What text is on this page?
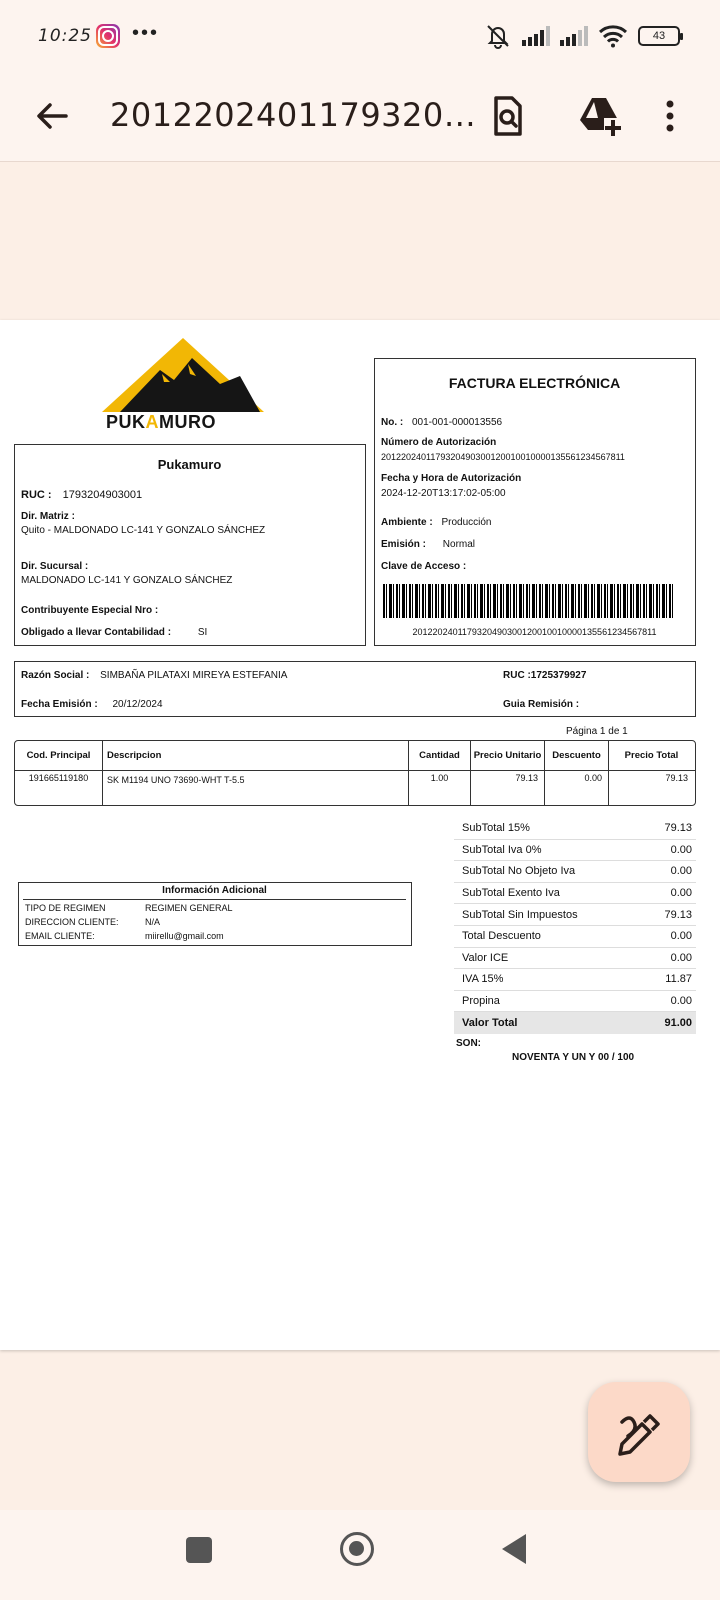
10:25 •••	43
2012202401179320…
PUKAMURO
Pukamuro
RUC : 1793204903001
Dir. Matriz :
Quito - MALDONADO LC-141 Y GONZALO SÁNCHEZ
Dir. Sucursal :
MALDONADO LC-141 Y GONZALO SÁNCHEZ
Contribuyente Especial Nro :
Obligado a llevar Contabilidad :	SI
FACTURA ELECTRÓNICA
No. : 001-001-000013556
Número de Autorización
2012202401179320490300120010010000135561234567811
Fecha y Hora de Autorización
2024-12-20T13:17:02-05:00
Ambiente : Producción
Emisión : Normal
Clave de Acceso :
2012202401179320490300120010010000135561234567811
Razón Social : SIMBAÑA PILATAXI MIREYA ESTEFANIA	RUC :1725379927
Fecha Emisión : 20/12/2024	Guia Remisión :
Página 1 de 1
Cod. Principal	Descripcion	Cantidad	Precio Unitario	Descuento	Precio Total
191665119180	SK M1194 UNO 73690-WHT T-5.5	1.00	79.13	0.00	79.13
SubTotal 15%	79.13
SubTotal Iva 0%	0.00
SubTotal No Objeto Iva	0.00
SubTotal Exento Iva	0.00
SubTotal Sin Impuestos	79.13
Total Descuento	0.00
Valor ICE	0.00
IVA 15%	11.87
Propina	0.00
Valor Total	91.00
SON:
NOVENTA Y UN Y 00 / 100
Información Adicional
TIPO DE REGIMEN	REGIMEN GENERAL
DIRECCION CLIENTE:	N/A
EMAIL CLIENTE:	miirellu@gmail.com
